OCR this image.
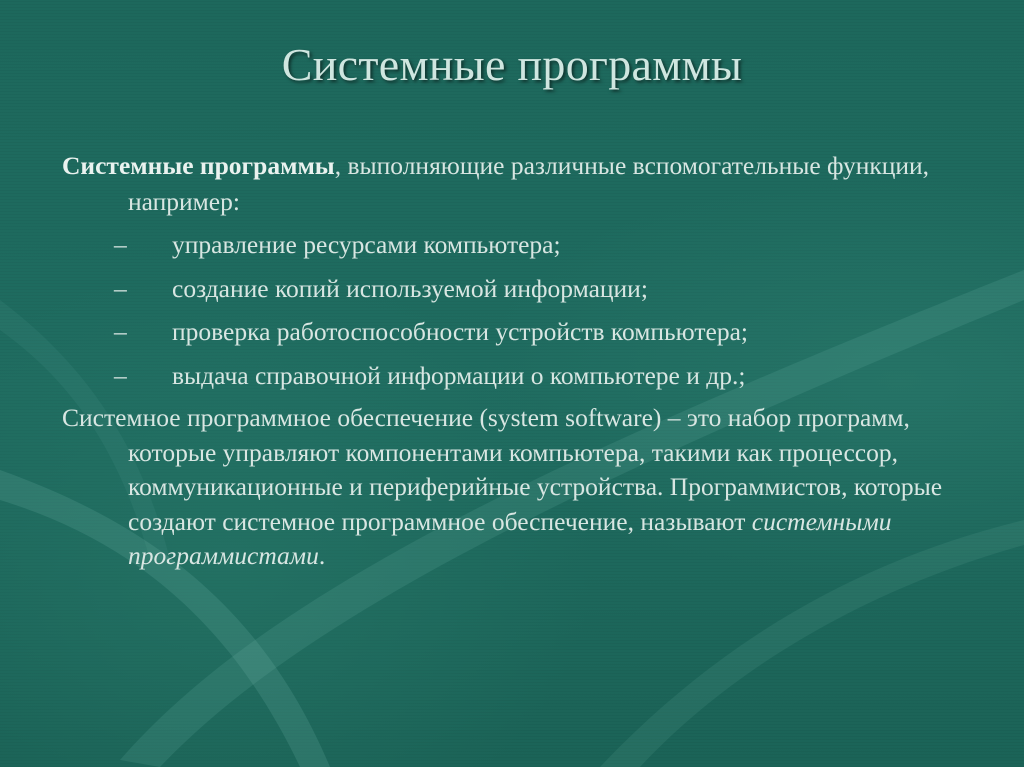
Системные программы

Системные программы, выполняющие различные вспомогательные функции, например:

– управление ресурсами компьютера;

– создание копий используемой информации;

– проверка работоспособности устройств компьютера;

– выдача справочной информации о компьютере и др.;

Системное программное обеспечение (system software) – это набор программ, которые управляют компонентами компьютера, такими как процессор, коммуникационные и периферийные устройства. Программистов, которые создают системное программное обеспечение, называют системными программистами.
